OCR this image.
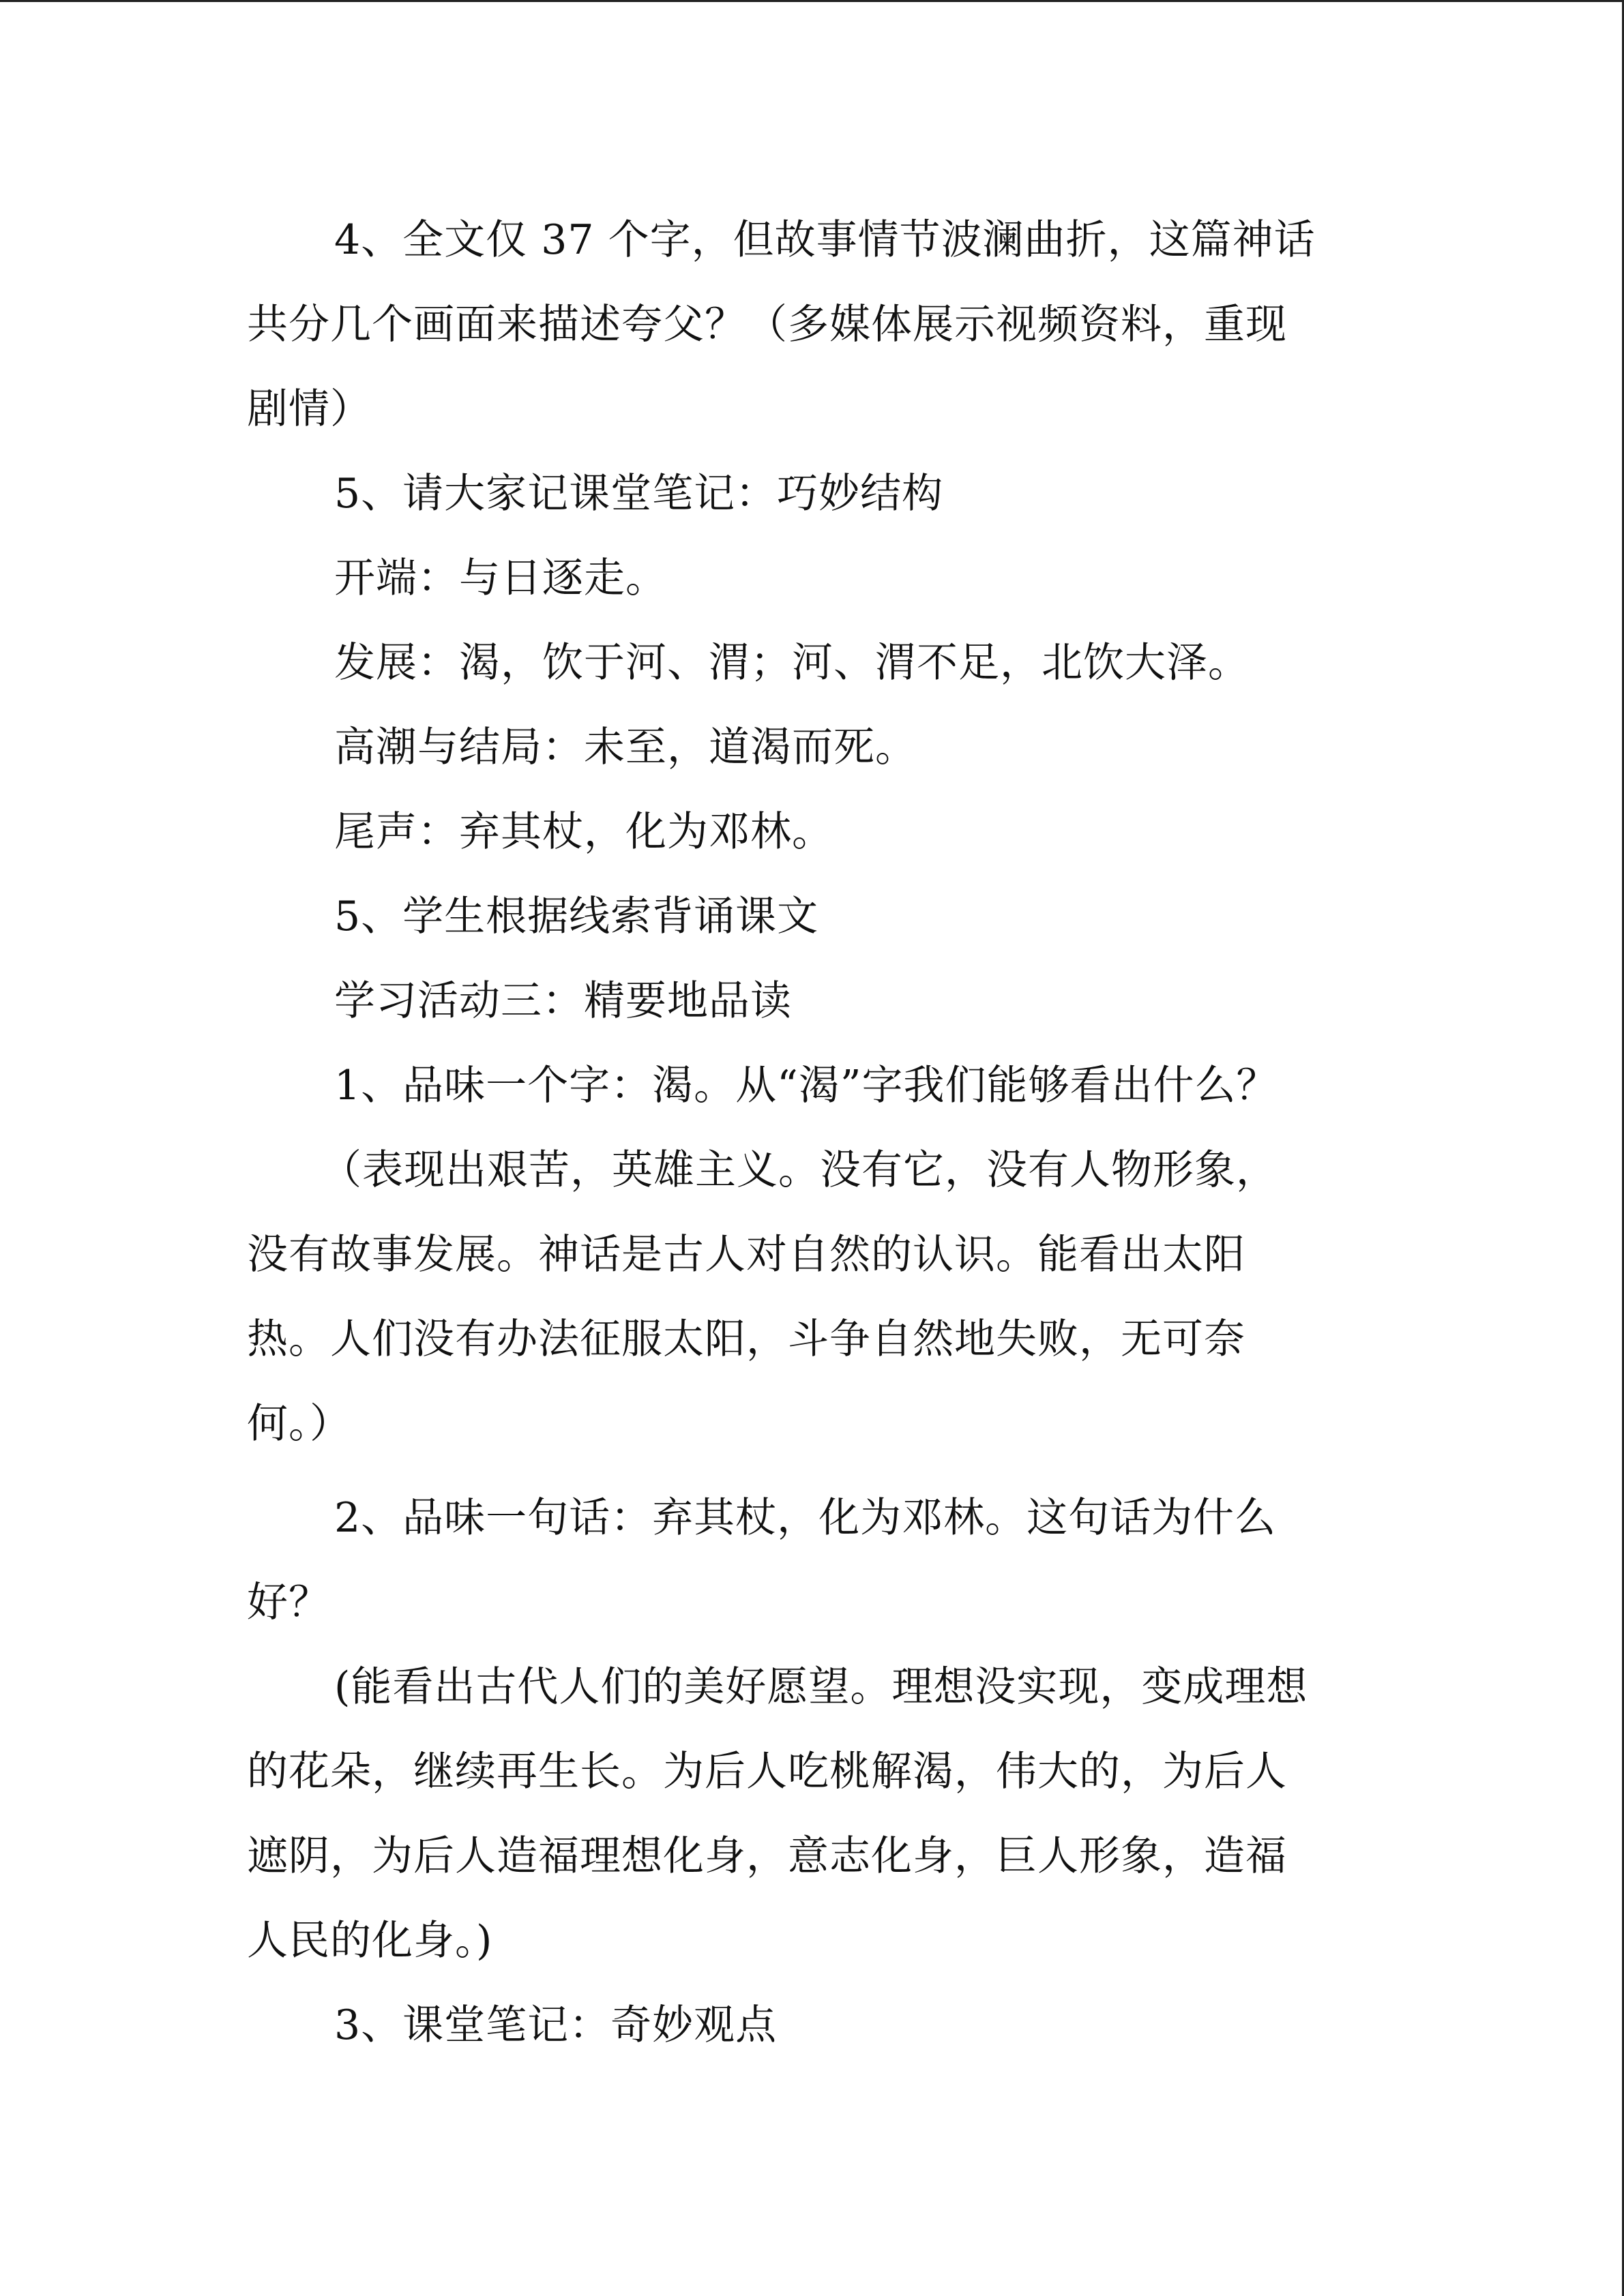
4、全文仅 37 个字，但故事情节波澜曲折，这篇神话
共分几个画面来描述夸父？（多媒体展示视频资料，重现
剧情）
5、请大家记课堂笔记：巧妙结构
开端：与日逐走。
发展：渴，饮于河、渭；河、渭不足，北饮大泽。
高潮与结局：未至，道渴而死。
尾声：弃其杖，化为邓林。
5、学生根据线索背诵课文
学习活动三：精要地品读
1、品味一个字：渴。从“渴”字我们能够看出什么？
（表现出艰苦，英雄主义。没有它，没有人物形象，
没有故事发展。神话是古人对自然的认识。能看出太阳
热。人们没有办法征服太阳，斗争自然地失败，无可奈
何。）
2、品味一句话：弃其杖，化为邓林。这句话为什么
好？
(能看出古代人们的美好愿望。理想没实现，变成理想
的花朵，继续再生长。为后人吃桃解渴，伟大的，为后人
遮阴，为后人造福理想化身，意志化身，巨人形象，造福
人民的化身。)
3、课堂笔记：奇妙观点
